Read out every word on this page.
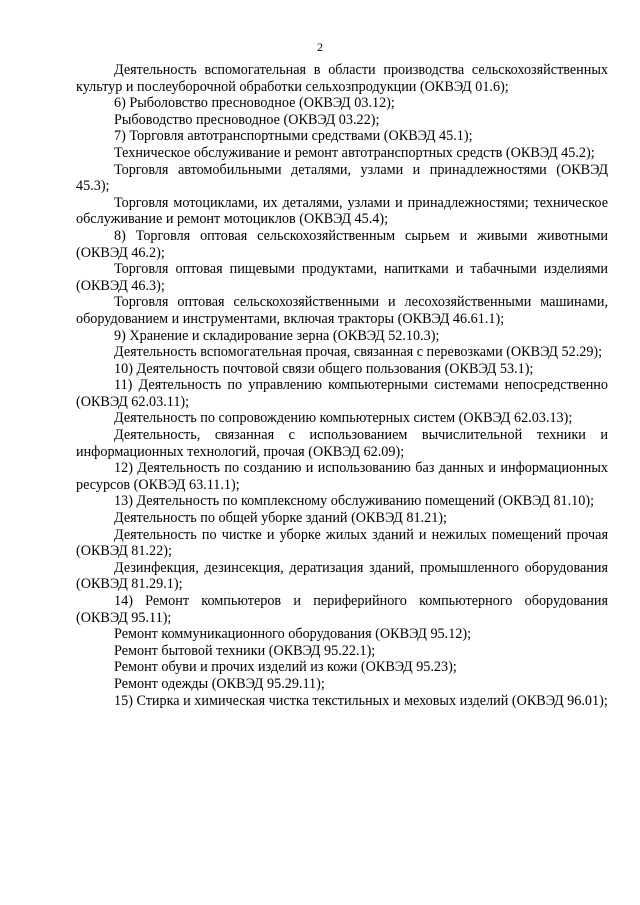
2

Деятельность вспомогательная в области производства сельскохозяйственных культур и послеуборочной обработки сельхозпродукции (ОКВЭД 01.6);

6) Рыболовство пресноводное (ОКВЭД 03.12);

Рыбоводство пресноводное (ОКВЭД 03.22);

7) Торговля автотранспортными средствами (ОКВЭД 45.1);

Техническое обслуживание и ремонт автотранспортных средств (ОКВЭД 45.2);

Торговля автомобильными деталями, узлами и принадлежностями (ОКВЭД 45.3);

Торговля мотоциклами, их деталями, узлами и принадлежностями; техническое обслуживание и ремонт мотоциклов (ОКВЭД 45.4);

8) Торговля оптовая сельскохозяйственным сырьем и живыми животными (ОКВЭД 46.2);

Торговля оптовая пищевыми продуктами, напитками и табачными изделиями (ОКВЭД 46.3);

Торговля оптовая сельскохозяйственными и лесохозяйственными машинами, оборудованием и инструментами, включая тракторы (ОКВЭД 46.61.1);

9) Хранение и складирование зерна (ОКВЭД 52.10.3);

Деятельность вспомогательная прочая, связанная с перевозками (ОКВЭД 52.29);

10) Деятельность почтовой связи общего пользования (ОКВЭД 53.1);

11) Деятельность по управлению компьютерными системами непосредственно (ОКВЭД 62.03.11);

Деятельность по сопровождению компьютерных систем (ОКВЭД 62.03.13);

Деятельность, связанная с использованием вычислительной техники и информационных технологий, прочая (ОКВЭД 62.09);

12) Деятельность по созданию и использованию баз данных и информационных ресурсов (ОКВЭД 63.11.1);

13) Деятельность по комплексному обслуживанию помещений (ОКВЭД 81.10);

Деятельность по общей уборке зданий (ОКВЭД 81.21);

Деятельность по чистке и уборке жилых зданий и нежилых помещений прочая (ОКВЭД 81.22);

Дезинфекция, дезинсекция, дератизация зданий, промышленного оборудования (ОКВЭД 81.29.1);

14) Ремонт компьютеров и периферийного компьютерного оборудования (ОКВЭД 95.11);

Ремонт коммуникационного оборудования (ОКВЭД 95.12);

Ремонт бытовой техники (ОКВЭД 95.22.1);

Ремонт обуви и прочих изделий из кожи (ОКВЭД 95.23);

Ремонт одежды (ОКВЭД 95.29.11);

15) Стирка и химическая чистка текстильных и меховых изделий (ОКВЭД 96.01);
